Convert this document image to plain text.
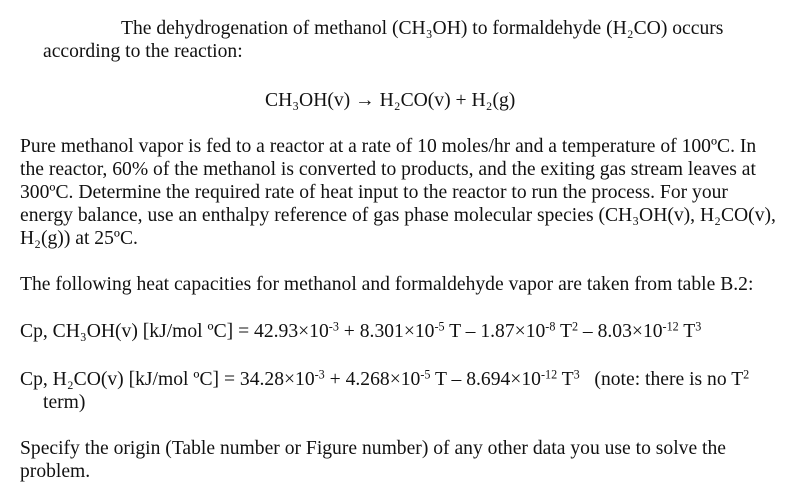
The dehydrogenation of methanol (CH₃OH) to formaldehyde (H₂CO) occurs
according to the reaction:
CH₃OH(v) → H₂CO(v) + H₂(g)
Pure methanol vapor is fed to a reactor at a rate of 10 moles/hr and a temperature of 100ºC. In
the reactor, 60% of the methanol is converted to products, and the exiting gas stream leaves at
300ºC. Determine the required rate of heat input to the reactor to run the process. For your
energy balance, use an enthalpy reference of gas phase molecular species (CH₃OH(v), H₂CO(v),
H₂(g)) at 25ºC.
The following heat capacities for methanol and formaldehyde vapor are taken from table B.2:
Cp, CH₃OH(v) [kJ/mol ºC] = $42.93\times 10^{-3} + 8.301\times 10^{-5}$ $T - 1.87\times 10^{-8}$ $T^2 - 8.03\times 10^{-12}$ $T^3$
Cp, H₂CO(v) [kJ/mol ºC] = $34.28\times 10^{-3} + 4.268\times 10^{-5}$ $T - 8.694\times 10^{-12}$ $T^3$   (note: there is no $T^2$
term)
Specify the origin (Table number or Figure number) of any other data you use to solve the
problem.
